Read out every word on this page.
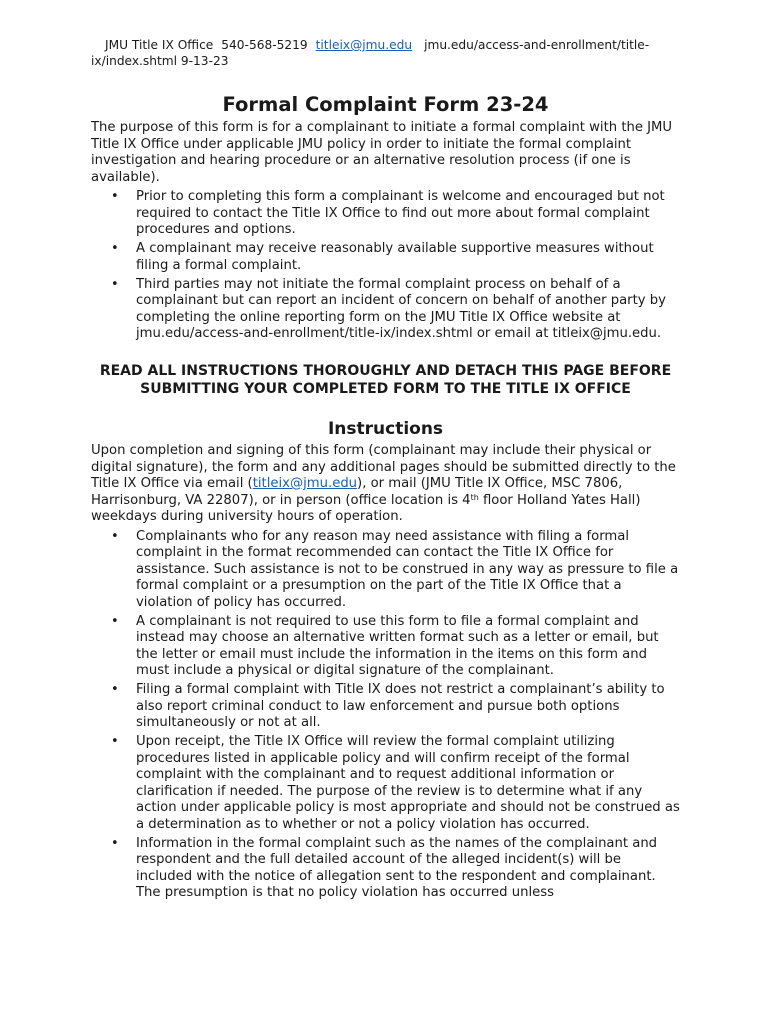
JMU Title IX Office 540-568-5219 titleix@jmu.edu jmu.edu/access-and-enrollment/title-ix/index.shtml 9-13-23
Formal Complaint Form 23-24

The purpose of this form is for a complainant to initiate a formal complaint with the JMU Title IX Office under applicable JMU policy in order to initiate the formal complaint investigation and hearing procedure or an alternative resolution process (if one is available).

• Prior to completing this form a complainant is welcome and encouraged but not required to contact the Title IX Office to find out more about formal complaint procedures and options.
• A complainant may receive reasonably available supportive measures without filing a formal complaint.
• Third parties may not initiate the formal complaint process on behalf of a complainant but can report an incident of concern on behalf of another party by completing the online reporting form on the JMU Title IX Office website at jmu.edu/access-and-enrollment/title-ix/index.shtml or email at titleix@jmu.edu.
READ ALL INSTRUCTIONS THOROUGHLY AND DETACH THIS PAGE BEFORE SUBMITTING YOUR COMPLETED FORM TO THE TITLE IX OFFICE
Instructions

Upon completion and signing of this form (complainant may include their physical or digital signature), the form and any additional pages should be submitted directly to the Title IX Office via email (titleix@jmu.edu), or mail (JMU Title IX Office, MSC 7806, Harrisonburg, VA 22807), or in person (office location is 4th floor Holland Yates Hall) weekdays during university hours of operation.

• Complainants who for any reason may need assistance with filing a formal complaint in the format recommended can contact the Title IX Office for assistance. Such assistance is not to be construed in any way as pressure to file a formal complaint or a presumption on the part of the Title IX Office that a violation of policy has occurred.
• A complainant is not required to use this form to file a formal complaint and instead may choose an alternative written format such as a letter or email, but the letter or email must include the information in the items on this form and must include a physical or digital signature of the complainant.
• Filing a formal complaint with Title IX does not restrict a complainant’s ability to also report criminal conduct to law enforcement and pursue both options simultaneously or not at all.
• Upon receipt, the Title IX Office will review the formal complaint utilizing procedures listed in applicable policy and will confirm receipt of the formal complaint with the complainant and to request additional information or clarification if needed. The purpose of the review is to determine what if any action under applicable policy is most appropriate and should not be construed as a determination as to whether or not a policy violation has occurred.
• Information in the formal complaint such as the names of the complainant and respondent and the full detailed account of the alleged incident(s) will be included with the notice of allegation sent to the respondent and complainant. The presumption is that no policy violation has occurred unless
